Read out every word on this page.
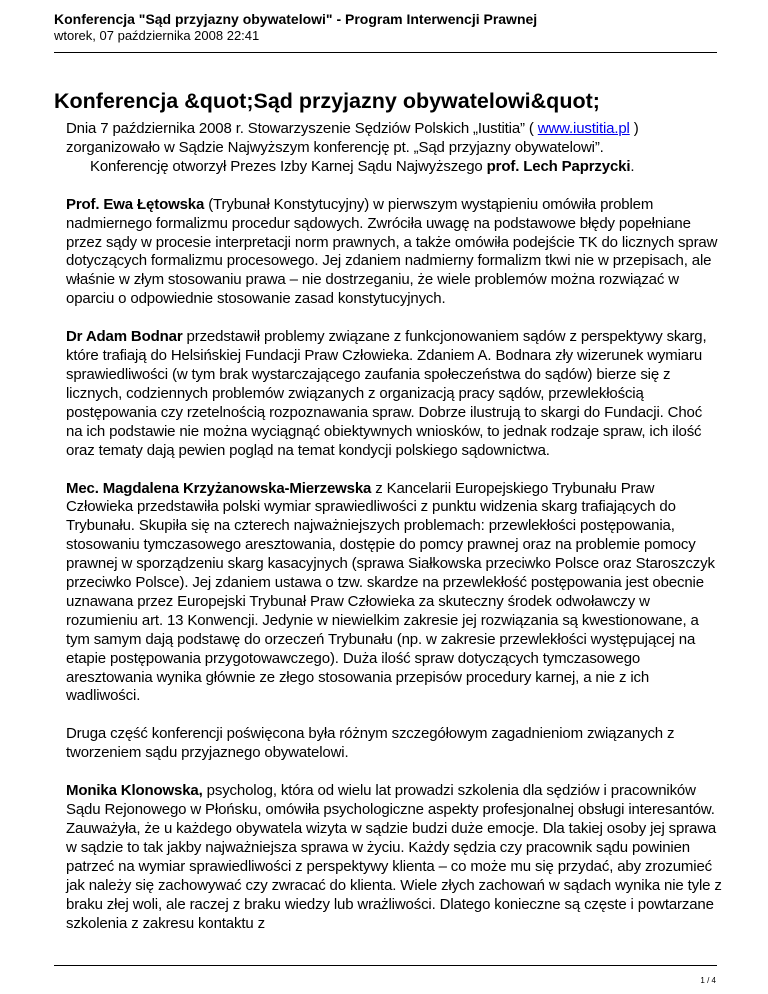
Konferencja "Sąd przyjazny obywatelowi" - Program Interwencji Prawnej
wtorek, 07 października 2008 22:41
Konferencja &quot;Sąd przyjazny obywatelowi&quot;

Dnia 7 października 2008 r. Stowarzyszenie Sędziów Polskich „Iustitia” ( www.iustitia.pl ) zorganizowało w Sądzie Najwyższym konferencję pt. „Sąd przyjazny obywatelowi”.

Konferencję otworzył Prezes Izby Karnej Sądu Najwyższego prof. Lech Paprzycki.

Prof. Ewa Łętowska (Trybunał Konstytucyjny) w pierwszym wystąpieniu omówiła problem nadmiernego formalizmu procedur sądowych. Zwróciła uwagę na podstawowe błędy popełniane przez sądy w procesie interpretacji norm prawnych, a także omówiła podejście TK do licznych spraw dotyczących formalizmu procesowego. Jej zdaniem nadmierny formalizm tkwi nie w przepisach, ale właśnie w złym stosowaniu prawa – nie dostrzeganiu, że wiele problemów można rozwiązać w oparciu o odpowiednie stosowanie zasad konstytucyjnych.

Dr Adam Bodnar przedstawił problemy związane z funkcjonowaniem sądów z perspektywy skarg, które trafiają do Helsińskiej Fundacji Praw Człowieka. Zdaniem A. Bodnara zły wizerunek wymiaru sprawiedliwości (w tym brak wystarczającego zaufania społeczeństwa do sądów) bierze się z licznych, codziennych problemów związanych z organizacją pracy sądów, przewlekłością postępowania czy rzetelnością rozpoznawania spraw. Dobrze ilustrują to skargi do Fundacji. Choć na ich podstawie nie można wyciągnąć obiektywnych wniosków, to jednak rodzaje spraw, ich ilość oraz tematy dają pewien pogląd na temat kondycji polskiego sądownictwa.

Mec. Magdalena Krzyżanowska-Mierzewska z Kancelarii Europejskiego Trybunału Praw Człowieka przedstawiła polski wymiar sprawiedliwości z punktu widzenia skarg trafiających do Trybunału. Skupiła się na czterech najważniejszych problemach: przewlekłości postępowania, stosowaniu tymczasowego aresztowania, dostępie do pomcy prawnej oraz na problemie pomocy prawnej w sporządzeniu skarg kasacyjnych (sprawa Siałkowska przeciwko Polsce oraz Staroszczyk przeciwko Polsce). Jej zdaniem ustawa o tzw. skardze na przewlekłość postępowania jest obecnie uznawana przez Europejski Trybunał Praw Człowieka za skuteczny środek odwoławczy w rozumieniu art. 13 Konwencji. Jedynie w niewielkim zakresie jej rozwiązania są kwestionowane, a tym samym dają podstawę do orzeczeń Trybunału (np. w zakresie przewlekłości występującej na etapie postępowania przygotowawczego). Duża ilość spraw dotyczących tymczasowego aresztowania wynika głównie ze złego stosowania przepisów procedury karnej, a nie z ich wadliwości.

Druga część konferencji poświęcona była różnym szczegółowym zagadnieniom związanych z tworzeniem sądu przyjaznego obywatelowi.

Monika Klonowska, psycholog, która od wielu lat prowadzi szkolenia dla sędziów i pracowników Sądu Rejonowego w Płońsku, omówiła psychologiczne aspekty profesjonalnej obsługi interesantów. Zauważyła, że u każdego obywatela wizyta w sądzie budzi duże emocje. Dla takiej osoby jej sprawa w sądzie to tak jakby najważniejsza sprawa w życiu. Każdy sędzia czy pracownik sądu powinien patrzeć na wymiar sprawiedliwości z perspektywy klienta – co może mu się przydać, aby zrozumieć jak należy się zachowywać czy zwracać do klienta. Wiele złych zachowań w sądach wynika nie tyle z braku złej woli, ale raczej z braku wiedzy lub wrażliwości. Dlatego konieczne są częste i powtarzane szkolenia z zakresu kontaktu z

1 / 4
